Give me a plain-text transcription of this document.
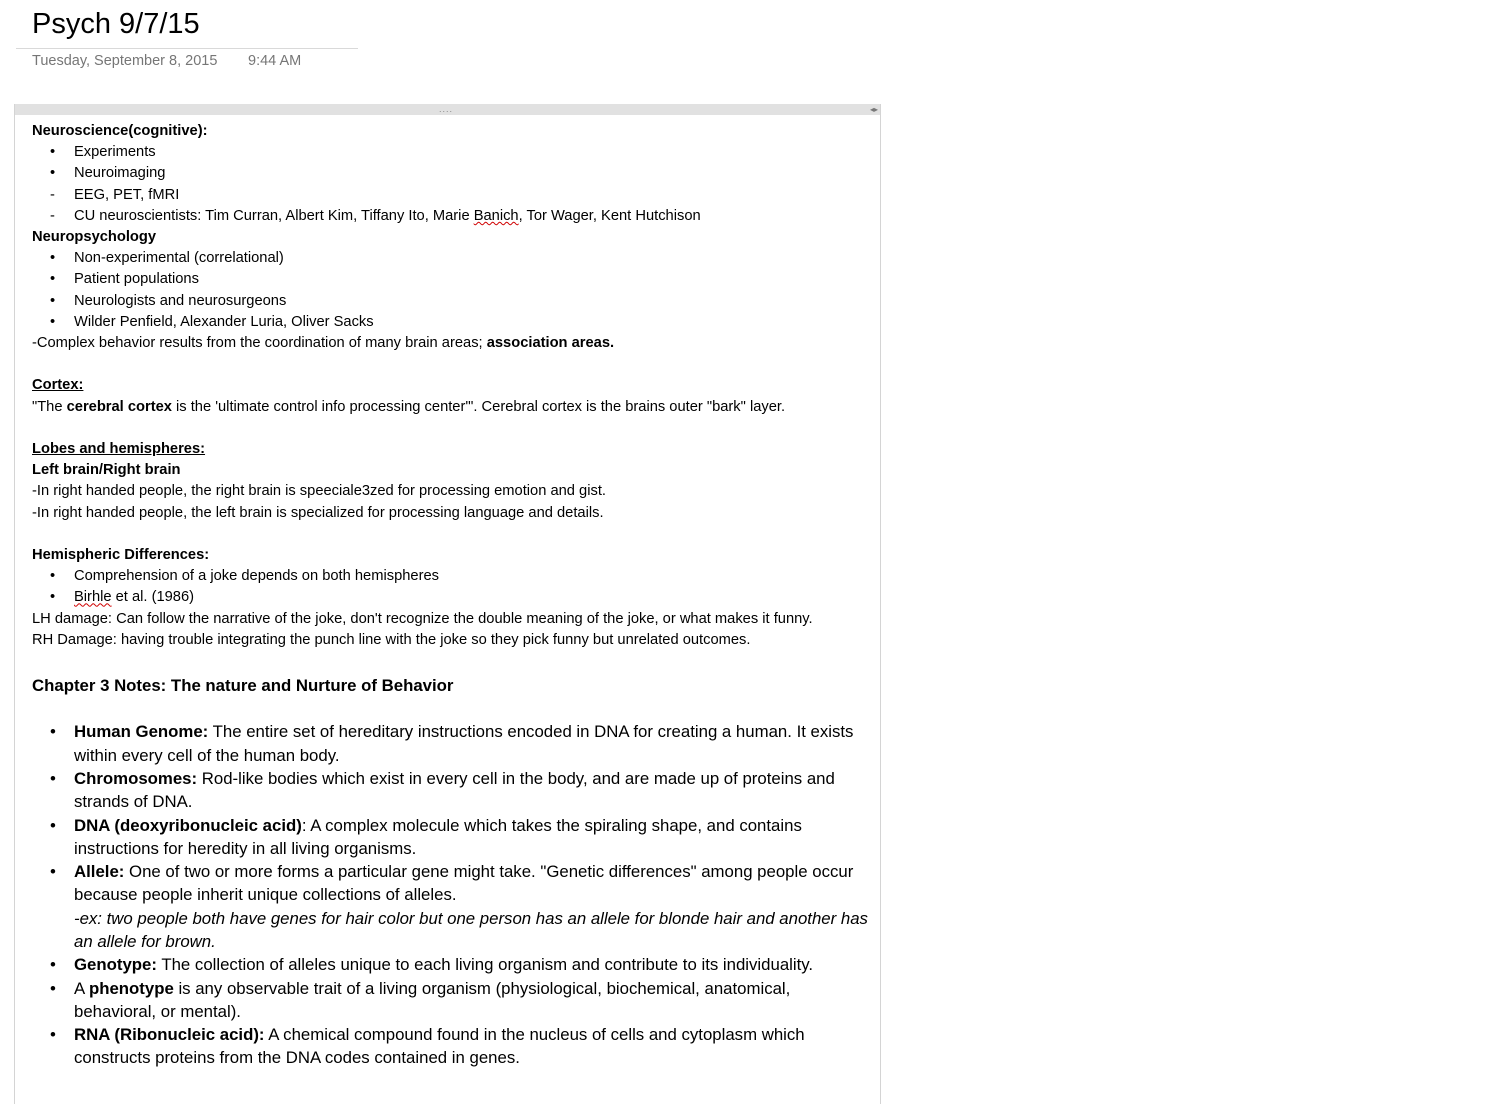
Psych 9/7/15
Tuesday, September 8, 2015 9:44 AM
....	◂▸
Neuroscience(cognitive):
• Experiments
• Neuroimaging
- EEG, PET, fMRI
- CU neuroscientists: Tim Curran, Albert Kim, Tiffany Ito, Marie Banich, Tor Wager, Kent Hutchison
Neuropsychology
• Non-experimental (correlational)
• Patient populations
• Neurologists and neurosurgeons
• Wilder Penfield, Alexander Luria, Oliver Sacks
-Complex behavior results from the coordination of many brain areas; association areas.
Cortex:
"The cerebral cortex is the 'ultimate control info processing center'". Cerebral cortex is the brains outer "bark" layer.
Lobes and hemispheres:
Left brain/Right brain
-In right handed people, the right brain is speeciale3zed for processing emotion and gist.
-In right handed people, the left brain is specialized for processing language and details.
Hemispheric Differences:
• Comprehension of a joke depends on both hemispheres
• Birhle et al. (1986)
LH damage: Can follow the narrative of the joke, don't recognize the double meaning of the joke, or what makes it funny.
RH Damage: having trouble integrating the punch line with the joke so they pick funny but unrelated outcomes.
Chapter 3 Notes: The nature and Nurture of Behavior
• Human Genome: The entire set of hereditary instructions encoded in DNA for creating a human. It exists within every cell of the human body.
• Chromosomes: Rod-like bodies which exist in every cell in the body, and are made up of proteins and strands of DNA.
• DNA (deoxyribonucleic acid): A complex molecule which takes the spiraling shape, and contains instructions for heredity in all living organisms.
• Allele: One of two or more forms a particular gene might take. "Genetic differences" among people occur because people inherit unique collections of alleles.
-ex: two people both have genes for hair color but one person has an allele for blonde hair and another has an allele for brown.
• Genotype: The collection of alleles unique to each living organism and contribute to its individuality.
• A phenotype is any observable trait of a living organism (physiological, biochemical, anatomical, behavioral, or mental).
• RNA (Ribonucleic acid): A chemical compound found in the nucleus of cells and cytoplasm which constructs proteins from the DNA codes contained in genes.
